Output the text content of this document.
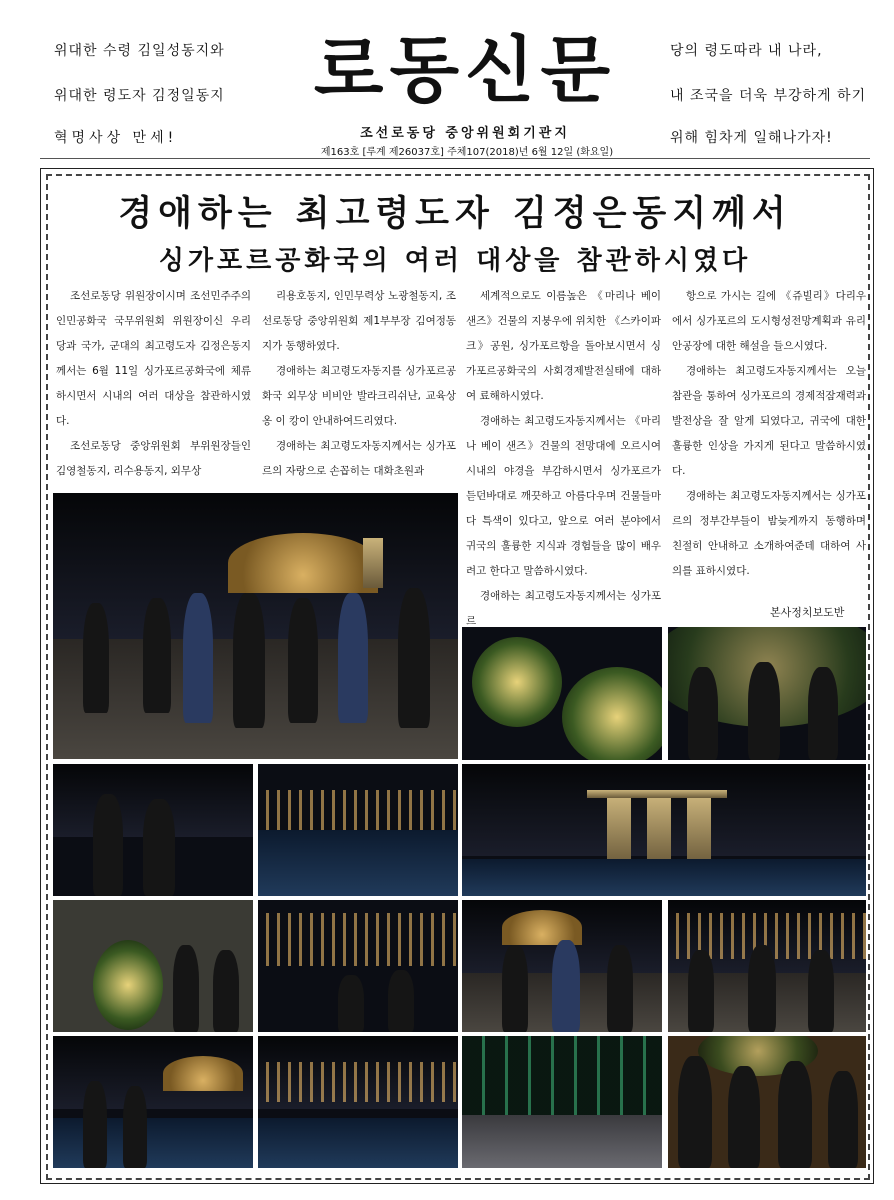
위대한 수령 김일성동지와
위대한 령도자 김정일동지
혁명사상 만세!
로동신문
조선로동당 중앙위원회기관지
제163호 [루계 제26037호] 주체107(2018)년 6월 12일 (화요일)
당의 령도따라 내 나라,
내 조국을 더욱 부강하게 하기
위해 힘차게 일해나가자!
경애하는 최고령도자 김정은동지께서
싱가포르공화국의 여러 대상을 참관하시였다

조선로동당 위원장이시며 조선민주주의인민공화국 국무위원회 위원장이신 우리 당과 국가, 군대의 최고령도자 김정은동지께서는 6월 11일 싱가포르공화국에 체류하시면서 시내의 여러 대상을 참관하시였다.

조선로동당 중앙위원회 부위원장들인 김영철동지, 리수용동지, 외무상

리용호동지, 인민무력상 노광철동지, 조선로동당 중앙위원회 제1부부장 김여정동지가 동행하였다.

경애하는 최고령도자동지를 싱가포르공화국 외무상 비비안 발라크리쉬난, 교육상 옹 이 캉이 안내하여드리였다.

경애하는 최고령도자동지께서는 싱가포르의 자랑으로 손꼽히는 대화초원과

세계적으로도 이름높은 《마리나 베이 샌즈》건물의 지붕우에 위치한 《스카이파크》공원, 싱가포르항을 돌아보시면서 싱가포르공화국의 사회경제발전실태에 대하여 료해하시였다.

경애하는 최고령도자동지께서는 《마리나 베이 샌즈》건물의 전망대에 오르시여 시내의 야경을 부감하시면서 싱가포르가 듣던바대로 깨끗하고 아름다우며 건물들마다 특색이 있다고, 앞으로 여러 분야에서 귀국의 훌륭한 지식과 경험들을 많이 배우려고 한다고 말씀하시였다.

경애하는 최고령도자동지께서는 싱가포르

항으로 가시는 길에 《쥬빌리》다리우에서 싱가포르의 도시형성전망계획과 유리안공장에 대한 해설을 들으시였다.

경애하는 최고령도자동지께서는 오늘 참관을 통하여 싱가포르의 경제적잠재력과 발전상을 잘 알게 되였다고, 귀국에 대한 훌륭한 인상을 가지게 된다고 말씀하시였다.

경애하는 최고령도자동지께서는 싱가포르의 정부간부들이 밤늦게까지 동행하며 친절히 안내하고 소개하여준데 대하여 사의를 표하시였다.

본사정치보도반
